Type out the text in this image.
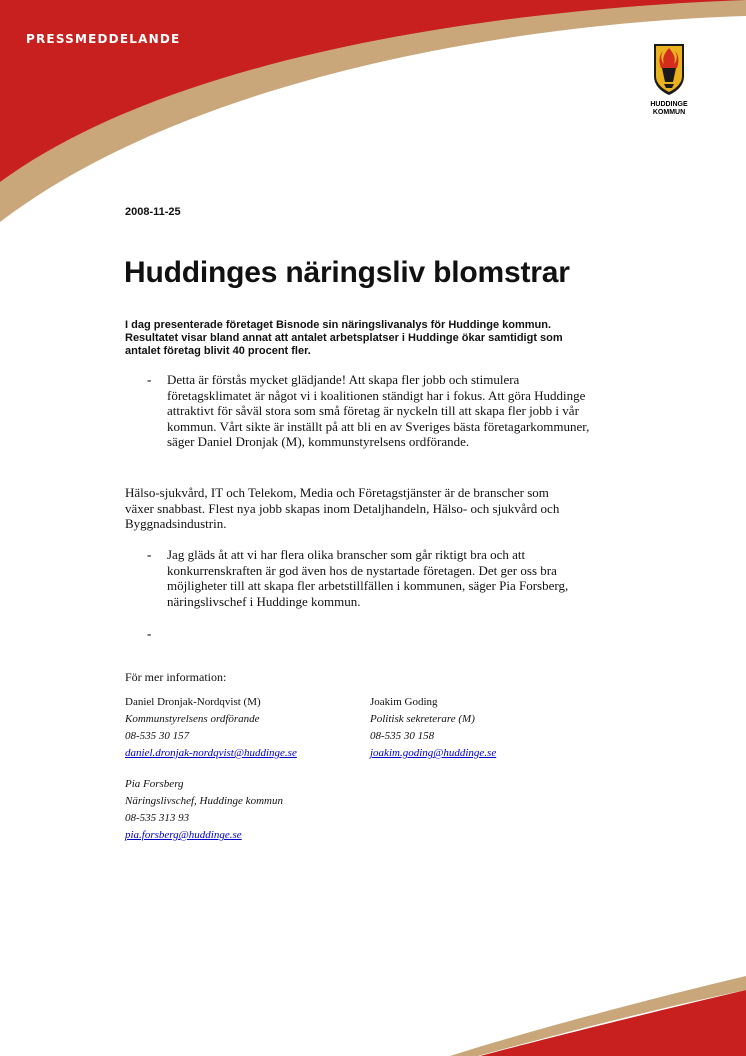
PRESSMEDDELANDE
HUDDINGE
KOMMUN
2008-11-25
Huddinges näringsliv blomstrar

I dag presenterade företaget Bisnode sin näringslivanalys för Huddinge kommun. Resultatet visar bland annat att antalet arbetsplatser i Huddinge ökar samtidigt som antalet företag blivit 40 procent fler.

- Detta är förstås mycket glädjande! Att skapa fler jobb och stimulera företagsklimatet är något vi i koalitionen ständigt har i fokus. Att göra Huddinge attraktivt för såväl stora som små företag är nyckeln till att skapa fler jobb i vår kommun. Vårt sikte är inställt på att bli en av Sveriges bästa företagarkommuner, säger Daniel Dronjak (M), kommunstyrelsens ordförande.

Hälso-sjukvård, IT och Telekom, Media och Företagstjänster är de branscher som växer snabbast. Flest nya jobb skapas inom Detaljhandeln, Hälso- och sjukvård och Byggnadsindustrin.

- Jag gläds åt att vi har flera olika branscher som går riktigt bra och att konkurrenskraften är god även hos de nystartade företagen. Det ger oss bra möjligheter till att skapa fler arbetstillfällen i kommunen, säger Pia Forsberg, näringslivschef i Huddinge kommun.
-
För mer information:
Daniel Dronjak-Nordqvist (M)
Kommunstyrelsens ordförande
08-535 30 157
daniel.dronjak-nordqvist@huddinge.se
Joakim Goding
Politisk sekreterare (M)
08-535 30 158
joakim.goding@huddinge.se
Pia Forsberg
Näringslivschef, Huddinge kommun
08-535 313 93
pia.forsberg@huddinge.se
